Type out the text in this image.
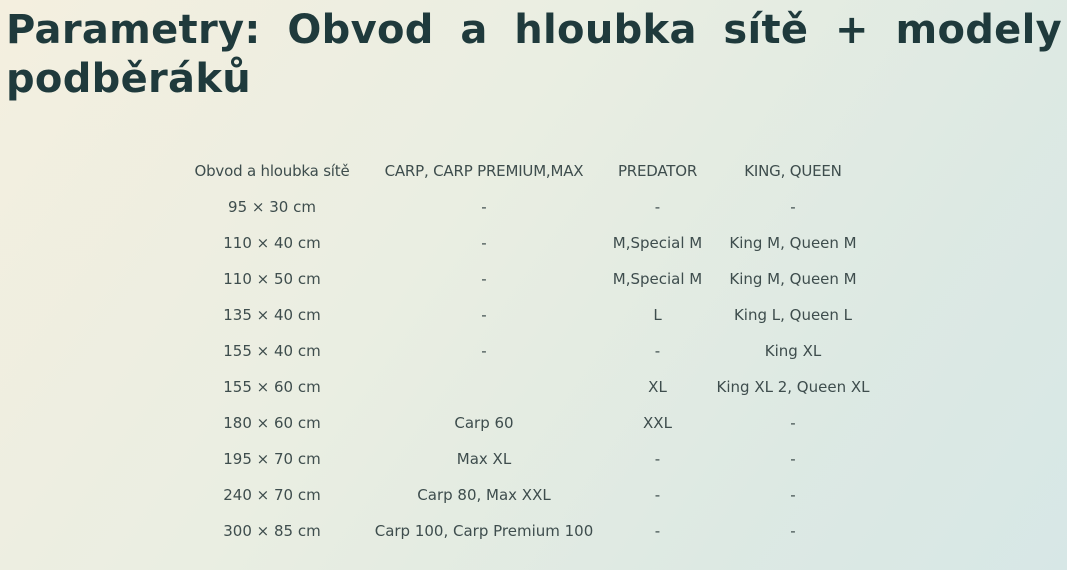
Parametry: Obvod a hloubka sítě + modely podběráků
Obvod a hloubka sítě	CARP, CARP PREMIUM,MAX	PREDATOR	KING, QUEEN
95 × 30 cm	-	-	-
110 × 40 cm	-	M,Special M	King M, Queen M
110 × 50 cm	-	M,Special M	King M, Queen M
135 × 40 cm	-	L	King L, Queen L
155 × 40 cm	-	-	King XL
155 × 60 cm		XL	King XL 2, Queen XL
180 × 60 cm	Carp 60	XXL	-
195 × 70 cm	Max XL	-	-
240 × 70 cm	Carp 80, Max XXL	-	-
300 × 85 cm	Carp 100, Carp Premium 100	-	-
